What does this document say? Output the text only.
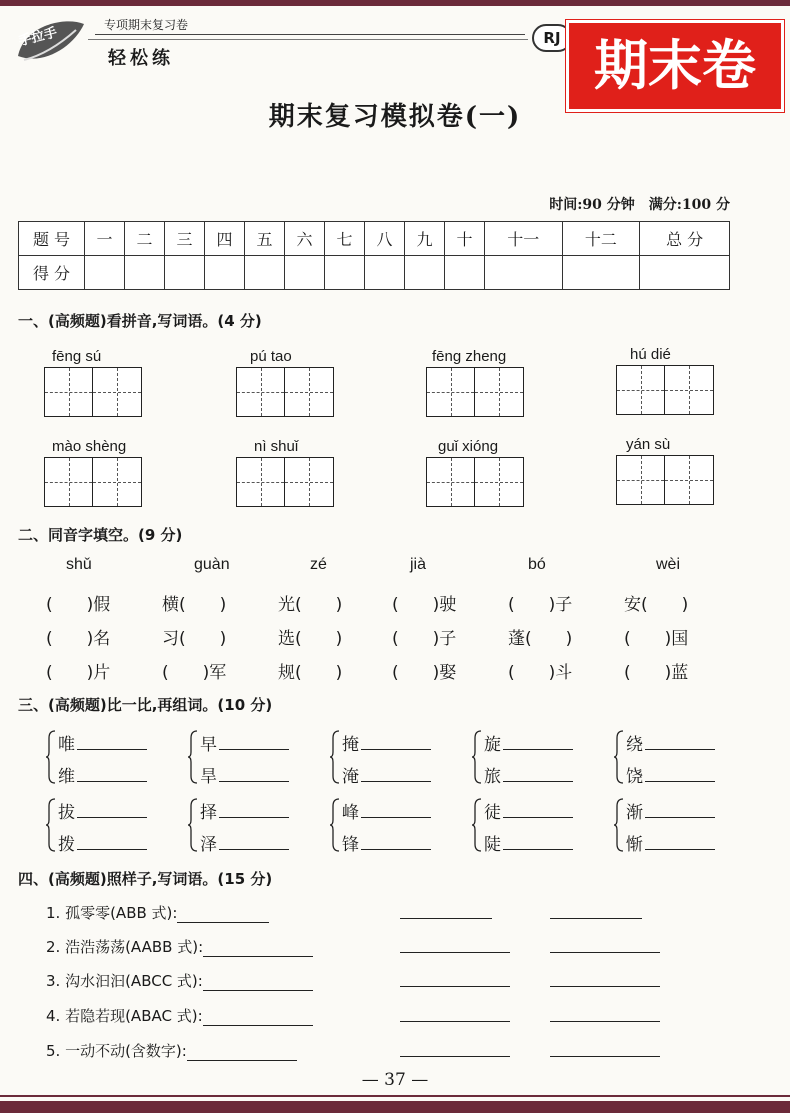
手拉手
专项期末复习卷
轻松练
RJ 期末卷
期末复习模拟卷(一)
时间:90 分钟　满分:100 分
题 号	一	二	三	四	五	六	七	八	九	十	十一	十二	总 分
得 分													
一、(高频题)看拼音,写词语。(4 分)
fēng sú	pú tao	fēng zheng	hú dié
mào shèng	nì shuǐ	guǐ xióng	yán sù
二、同音字填空。(9 分)
shǔ	guàn	zé	jià	bó	wèi
(　　)假	横(　　)	光(　　)	(　　)驶	(　　)子	安(　　)
(　　)名	习(　　)	选(　　)	(　　)子	蓬(　　)	(　　)国
(　　)片	(　　)军	规(　　)	(　　)娶	(　　)斗	(　　)蓝
三、(高频题)比一比,再组词。(10 分)
唯
维
早
旱
掩
淹
旋
旅
绕
饶
拔
拨
择
泽
峰
锋
徒
陡
渐
惭
四、(高频题)照样子,写词语。(15 分)
1. 孤零零(ABB 式):
2. 浩浩荡荡(AABB 式):
3. 沟水汩汩(ABCC 式):
4. 若隐若现(ABAC 式):
5. 一动不动(含数字):
— 37 —
